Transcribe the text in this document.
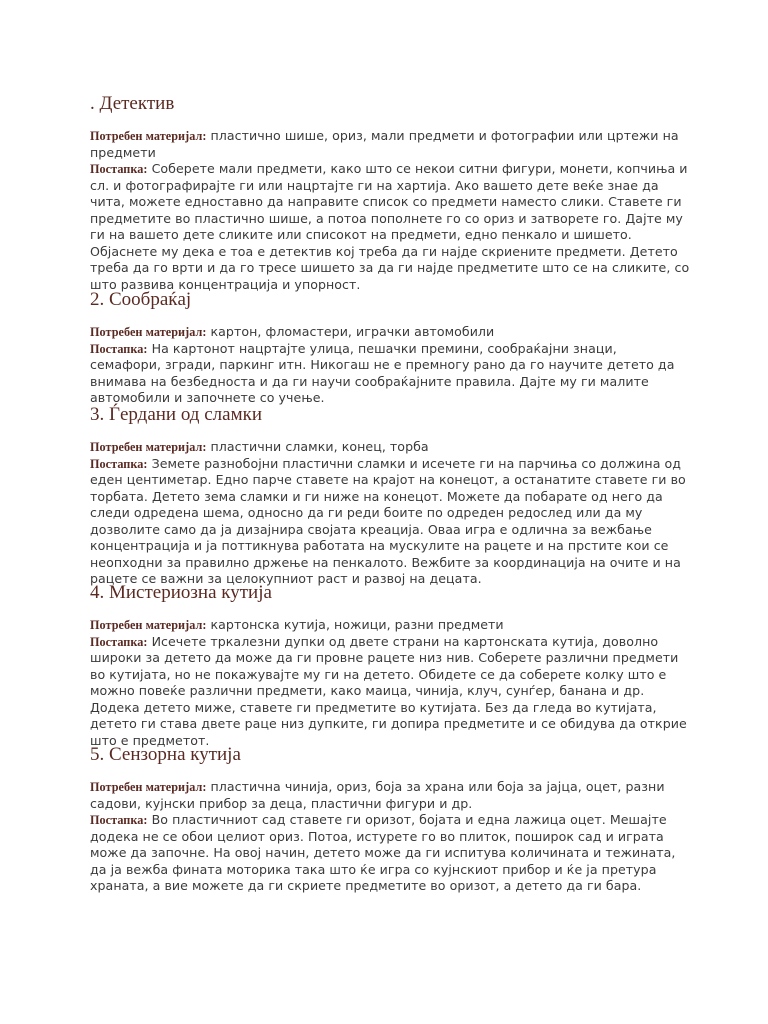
. Детектив

Потребен материјал: пластично шише, ориз, мали предмети и фотографии или цртежи на предмети

Постапка: Соберете мали предмети, како што се некои ситни фигури, монети, копчиња и сл. и фотографирајте ги или нацртајте ги на хартија. Ако вашето дете веќе знае да чита, можете едноставно да направите список со предмети наместо слики. Ставете ги предметите во пластично шише, а потоа пополнете го со ориз и затворете го. Дајте му ги на вашето дете сликите или списокот на предмети, едно пенкало и шишето. Објаснете му дека е тоа е детектив кој треба да ги најде скриените предмети. Детето треба да го врти и да го тресе шишето за да ги најде предметите што се на сликите, со што развива концентрација и упорност.

2. Сообраќај

Потребен материјал: картон, фломастери, играчки автомобили

Постапка: На картонот нацртајте улица, пешачки премини, сообраќајни знаци, семафори, згради, паркинг итн. Никогаш не е премногу рано да го научите детето да внимава на безбедноста и да ги научи сообраќајните правила. Дајте му ги малите автомобили и започнете со учење.

3. Ѓердани од сламки

Потребен материјал: пластични сламки, конец, торба

Постапка: Земете разнобојни пластични сламки и исечете ги на парчиња со должина од еден центиметар. Едно парче ставете на крајот на конецот, а останатите ставете ги во торбата. Детето зема сламки и ги ниже на конецот. Можете да побарате од него да следи одредена шема, односно да ги реди боите по одреден редослед или да му дозволите само да ја дизајнира својата креација. Оваа игра е одлична за вежбање концентрација и ја поттикнува работата на мускулите на рацете и на прстите кои се неопходни за правилно држење на пенкалото. Вежбите за координација на очите и на рацете се важни за целокупниот раст и развој на децата.

4. Мистериозна кутија

Потребен материјал: картонска кутија, ножици, разни предмети

Постапка: Исечете тркалезни дупки од двете страни на картонската кутија, доволно широки за детето да може да ги провне рацете низ нив. Соберете различни предмети во кутијата, но не покажувајте му ги на детето. Обидете се да соберете колку што е можно повеќе различни предмети, како маица, чинија, клуч, сунѓер, банана и др. Додека детето миже, ставете ги предметите во кутијата. Без да гледа во кутијата, детето ги става двете раце низ дупките, ги допира предметите и се обидува да открие што е предметот.

5. Сензорна кутија

Потребен материјал: пластична чинија, ориз, боја за храна или боја за јајца, оцет, разни садови, кујнски прибор за деца, пластични фигури и др.

Постапка: Во пластичниот сад ставете ги оризот, бојата и една лажица оцет. Мешајте додека не се обои целиот ориз. Потоа, истурете го во плиток, поширок сад и играта може да започне. На овој начин, детето може да ги испитува количината и тежината, да ја вежба фината моторика така што ќе игра со кујнскиот прибор и ќе ја претура храната, а вие можете да ги скриете предметите во оризот, а детето да ги бара.
